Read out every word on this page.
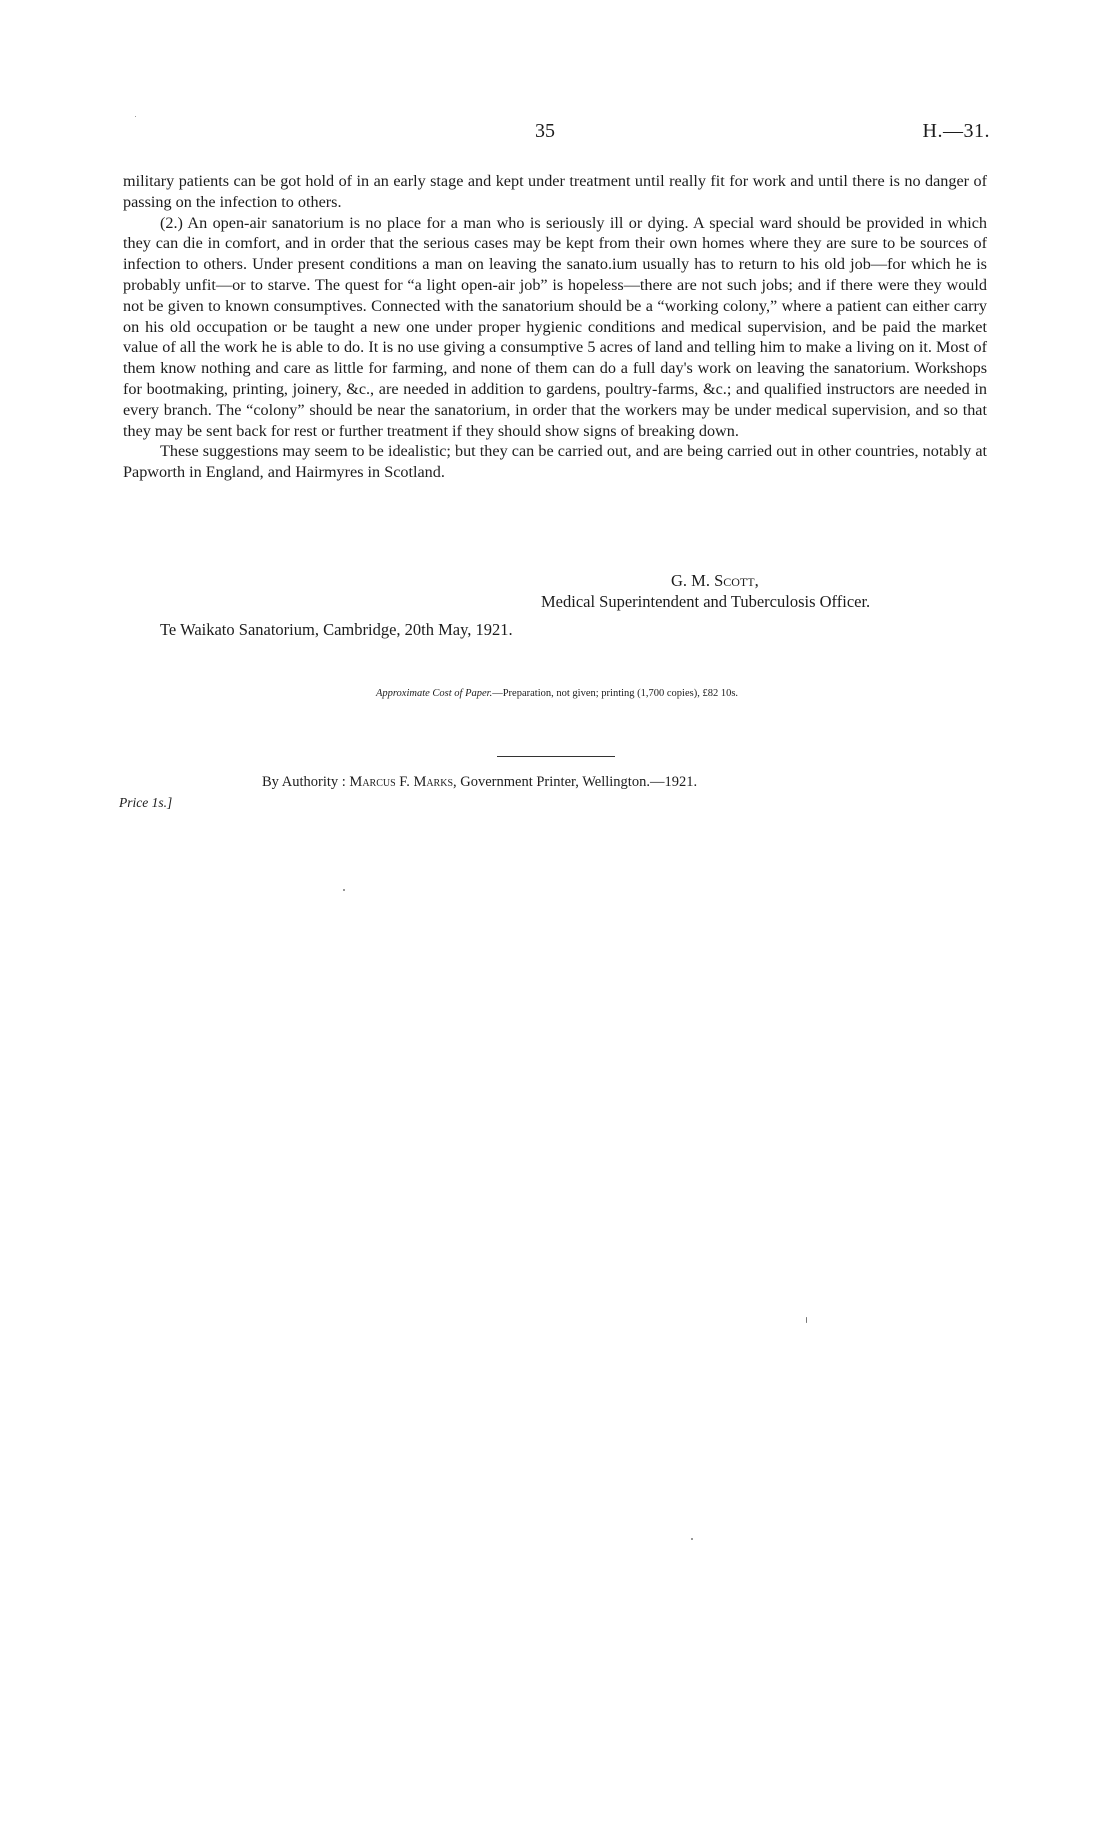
35	H.—31.

military patients can be got hold of in an early stage and kept under treatment until really fit for work and until there is no danger of passing on the infection to others.

(2.) An open-air sanatorium is no place for a man who is seriously ill or dying. A special ward should be provided in which they can die in comfort, and in order that the serious cases may be kept from their own homes where they are sure to be sources of infection to others. Under present conditions a man on leaving the sanato.ium usually has to return to his old job—for which he is probably unfit—or to starve. The quest for “a light open-air job” is hopeless—there are not such jobs; and if there were they would not be given to known consumptives. Connected with the sanatorium should be a “working colony,” where a patient can either carry on his old occupation or be taught a new one under proper hygienic conditions and medical supervision, and be paid the market value of all the work he is able to do. It is no use giving a consumptive 5 acres of land and telling him to make a living on it. Most of them know nothing and care as little for farming, and none of them can do a full day's work on leaving the sanatorium. Workshops for bootmaking, printing, joinery, &c., are needed in addition to gardens, poultry-farms, &c.; and qualified instructors are needed in every branch. The “colony” should be near the sanatorium, in order that the workers may be under medical supervision, and so that they may be sent back for rest or further treatment if they should show signs of breaking down.

These suggestions may seem to be idealistic; but they can be carried out, and are being carried out in other countries, notably at Papworth in England, and Hairmyres in Scotland.

G. M. Scott,
Medical Superintendent and Tuberculosis Officer.
Te Waikato Sanatorium, Cambridge, 20th May, 1921.
Approximate Cost of Paper.—Preparation, not given; printing (1,700 copies), £82 10s.
By Authority : Marcus F. Marks, Government Printer, Wellington.—1921.
Price 1s.]
